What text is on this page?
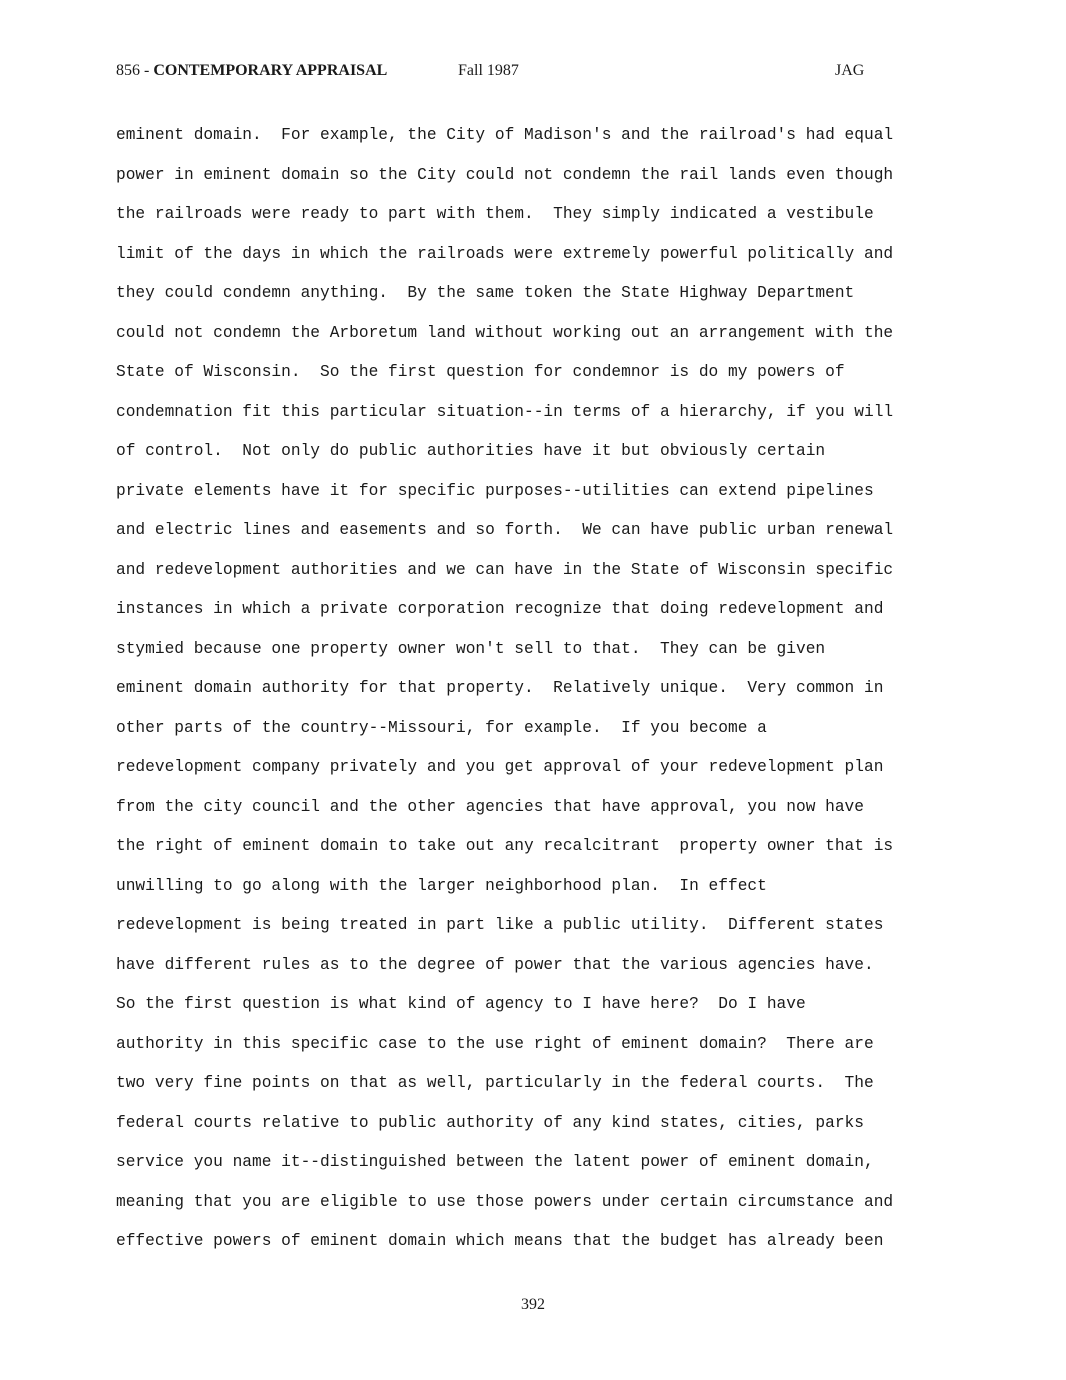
856 - CONTEMPORARY APPRAISAL	Fall 1987	JAG
eminent domain.  For example, the City of Madison's and the railroad's had equal
power in eminent domain so the City could not condemn the rail lands even though
the railroads were ready to part with them.  They simply indicated a vestibule
limit of the days in which the railroads were extremely powerful politically and
they could condemn anything.  By the same token the State Highway Department
could not condemn the Arboretum land without working out an arrangement with the
State of Wisconsin.  So the first question for condemnor is do my powers of
condemnation fit this particular situation--in terms of a hierarchy, if you will
of control.  Not only do public authorities have it but obviously certain
private elements have it for specific purposes--utilities can extend pipelines
and electric lines and easements and so forth.  We can have public urban renewal
and redevelopment authorities and we can have in the State of Wisconsin specific
instances in which a private corporation recognize that doing redevelopment and
stymied because one property owner won't sell to that.  They can be given
eminent domain authority for that property.  Relatively unique.  Very common in
other parts of the country--Missouri, for example.  If you become a
redevelopment company privately and you get approval of your redevelopment plan
from the city council and the other agencies that have approval, you now have
the right of eminent domain to take out any recalcitrant  property owner that is
unwilling to go along with the larger neighborhood plan.  In effect
redevelopment is being treated in part like a public utility.  Different states
have different rules as to the degree of power that the various agencies have.
So the first question is what kind of agency to I have here?  Do I have
authority in this specific case to the use right of eminent domain?  There are
two very fine points on that as well, particularly in the federal courts.  The
federal courts relative to public authority of any kind states, cities, parks
service you name it--distinguished between the latent power of eminent domain,
meaning that you are eligible to use those powers under certain circumstance and
effective powers of eminent domain which means that the budget has already been
392
